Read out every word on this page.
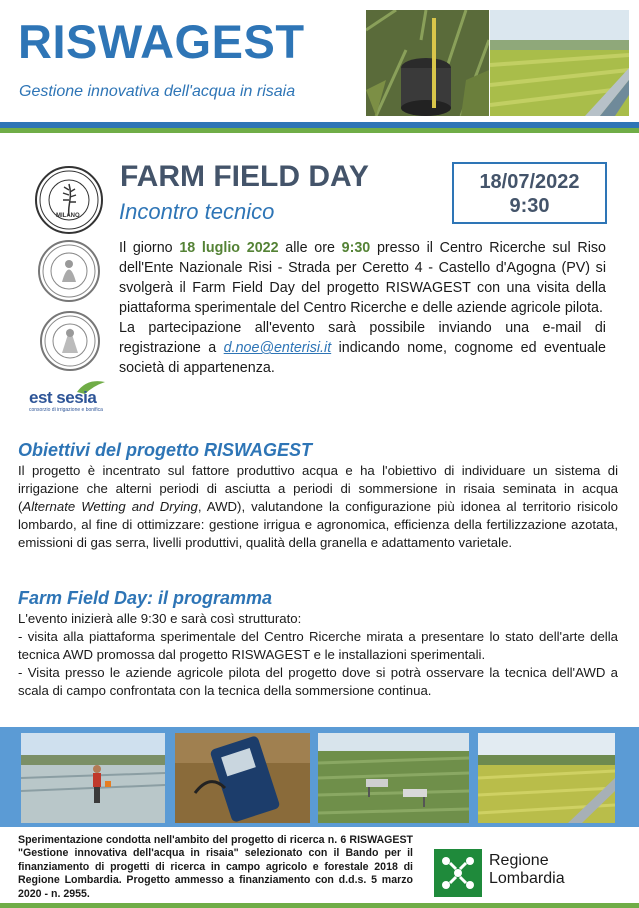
RISWAGEST
Gestione innovativa dell'acqua in risaia
MILANO
est sesia
consorzio di irrigazione e bonifica
FARM FIELD DAY
Incontro tecnico
18/07/2022
9:30
Il giorno 18 luglio 2022 alle ore 9:30 presso il Centro Ricerche sul Riso dell'Ente Nazionale Risi - Strada per Ceretto 4 - Castello d'Agogna (PV) si svolgerà il Farm Field Day del progetto RISWAGEST con una visita della piattaforma sperimentale del Centro Ricerche e delle aziende agricole pilota.
La partecipazione all'evento sarà possibile inviando una e-mail di registrazione a d.noe@enterisi.it indicando nome, cognome ed eventuale società di appartenenza.
Obiettivi del progetto RISWAGEST
Il progetto è incentrato sul fattore produttivo acqua e ha l'obiettivo di individuare un sistema di irrigazione che alterni periodi di asciutta a periodi di sommersione in risaia seminata in acqua (Alternate Wetting and Drying, AWD), valutandone la configurazione più idonea al territorio risicolo lombardo, al fine di ottimizzare: gestione irrigua e agronomica, efficienza della fertilizzazione azotata, emissioni di gas serra, livelli produttivi, qualità della granella e adattamento varietale.
Farm Field Day: il programma
L'evento inizierà alle 9:30 e sarà così strutturato:
- visita alla piattaforma sperimentale del Centro Ricerche mirata a presentare lo stato dell'arte della tecnica AWD promossa dal progetto RISWAGEST e le installazioni sperimentali.
- Visita presso le aziende agricole pilota del progetto dove si potrà osservare la tecnica dell'AWD a scala di campo confrontata con la tecnica della sommersione continua.
Sperimentazione condotta nell'ambito del progetto di ricerca n. 6 RISWAGEST "Gestione innovativa dell'acqua in risaia" selezionato con il Bando per il finanziamento di progetti di ricerca in campo agricolo e forestale 2018 di Regione Lombardia. Progetto ammesso a finanziamento con d.d.s. 5 marzo 2020 - n. 2955.
Regione
Lombardia
